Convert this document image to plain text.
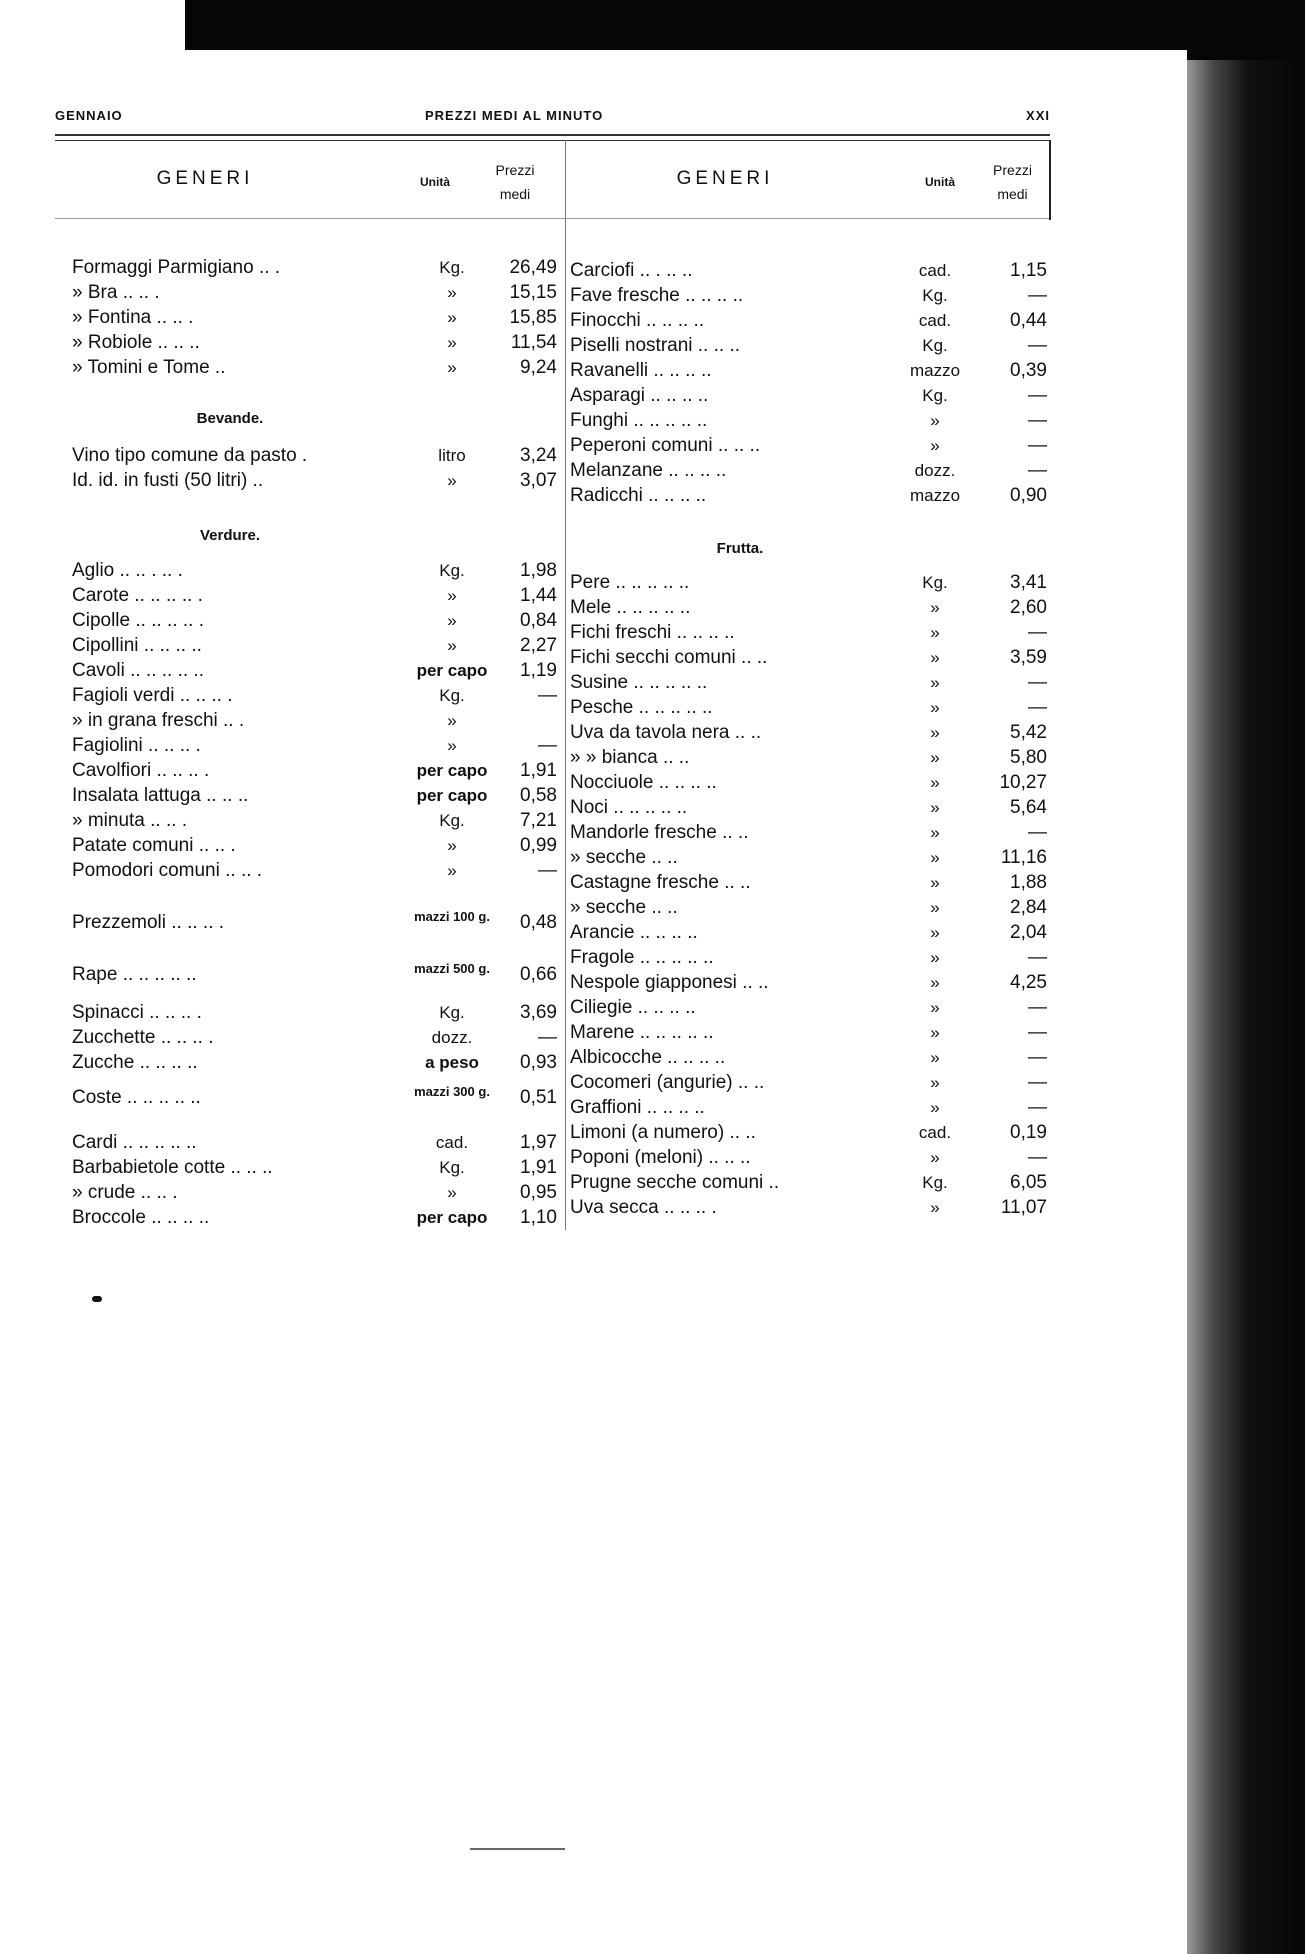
GENNAIO	PREZZI MEDI AL MINUTO	XXI
GENERI	Unità
Prezzi
medi
GENERI	Unità
Prezzi
medi
Formaggi Parmigiano .. .	Kg.	26,49
» Bra .. .. .	»	15,15
» Fontina .. .. .	»	15,85
» Robiole .. .. ..	»	11,54
» Tomini e Tome ..	»	9,24
Bevande.
Vino tipo comune da pasto .	litro	3,24
Id. id. in fusti (50 litri) ..	»	3,07
Verdure.
Aglio .. .. . .. .	Kg.	1,98
Carote .. .. .. .. .	»	1,44
Cipolle .. .. .. .. .	»	0,84
Cipollini .. .. .. ..	»	2,27
Cavoli .. .. .. .. ..	per capo	1,19
Fagioli verdi .. .. .. .	Kg.	—
» in grana freschi .. .	»
Fagiolini .. .. .. .	»	—
Cavolfiori .. .. .. .	per capo	1,91
Insalata lattuga .. .. ..	per capo	0,58
» minuta .. .. .	Kg.	7,21
Patate comuni .. .. .	»	0,99
Pomodori comuni .. .. .	»	—
Prezzemoli .. .. .. .	mazzi 100 g.	0,48
Rape .. .. .. .. ..	mazzi 500 g.	0,66
Spinacci .. .. .. .	Kg.	3,69
Zucchette .. .. .. .	dozz.	—
Zucche .. .. .. ..	a peso	0,93
Coste .. .. .. .. ..	mazzi 300 g.	0,51
Cardi .. .. .. .. ..	cad.	1,97
Barbabietole cotte .. .. ..	Kg.	1,91
» crude .. .. .	»	0,95
Broccole .. .. .. ..	per capo	1,10
Carciofi .. . .. ..	cad.	1,15
Fave fresche .. .. .. ..	Kg.	—
Finocchi .. .. .. ..	cad.	0,44
Piselli nostrani .. .. ..	Kg.	—
Ravanelli .. .. .. ..	mazzo	0,39
Asparagi .. .. .. ..	Kg.	—
Funghi .. .. .. .. ..	»	—
Peperoni comuni .. .. ..	»	—
Melanzane .. .. .. ..	dozz.	—
Radicchi .. .. .. ..	mazzo	0,90
Frutta.
Pere .. .. .. .. ..	Kg.	3,41
Mele .. .. .. .. ..	»	2,60
Fichi freschi .. .. .. ..	»	—
Fichi secchi comuni .. ..	»	3,59
Susine .. .. .. .. ..	»	—
Pesche .. .. .. .. ..	»	—
Uva da tavola nera .. ..	»	5,42
» » bianca .. ..	»	5,80
Nocciuole .. .. .. ..	»	10,27
Noci .. .. .. .. ..	»	5,64
Mandorle fresche .. ..	»	—
» secche .. ..	»	11,16
Castagne fresche .. ..	»	1,88
» secche .. ..	»	2,84
Arancie .. .. .. ..	»	2,04
Fragole .. .. .. .. ..	»	—
Nespole giapponesi .. ..	»	4,25
Ciliegie .. .. .. ..	»	—
Marene .. .. .. .. ..	»	—
Albicocche .. .. .. ..	»	—
Cocomeri (angurie) .. ..	»	—
Graffioni .. .. .. ..	»	—
Limoni (a numero) .. ..	cad.	0,19
Poponi (meloni) .. .. ..	»	—
Prugne secche comuni ..	Kg.	6,05
Uva secca .. .. .. .	»	11,07
